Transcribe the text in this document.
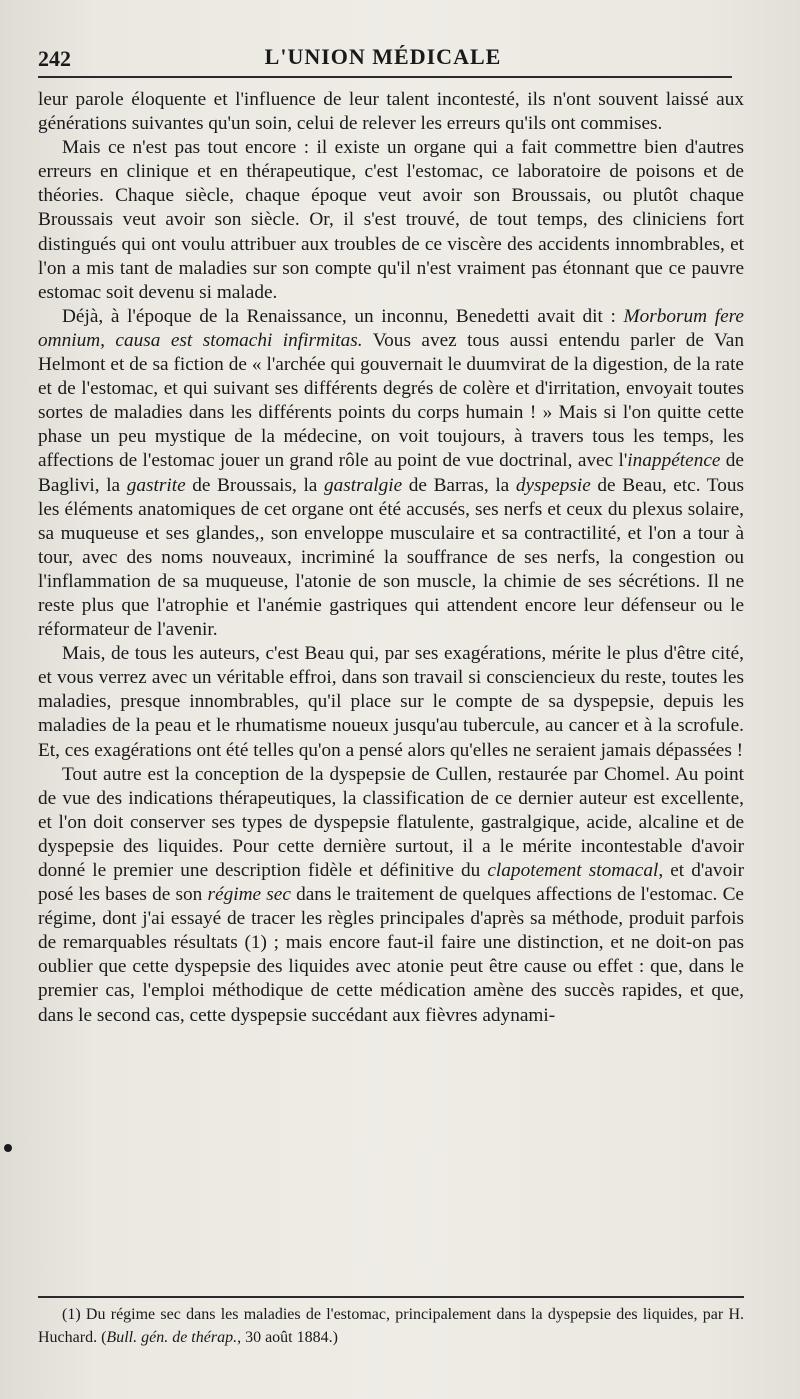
242	L'UNION MÉDICALE

leur parole éloquente et l'influence de leur talent incontesté, ils n'ont souvent laissé aux générations suivantes qu'un soin, celui de relever les erreurs qu'ils ont commises.

Mais ce n'est pas tout encore : il existe un organe qui a fait commettre bien d'autres erreurs en clinique et en thérapeutique, c'est l'estomac, ce laboratoire de poisons et de théories. Chaque siècle, chaque époque veut avoir son Broussais, ou plutôt chaque Broussais veut avoir son siècle. Or, il s'est trouvé, de tout temps, des cliniciens fort distingués qui ont voulu attribuer aux troubles de ce viscère des accidents innombrables, et l'on a mis tant de maladies sur son compte qu'il n'est vraiment pas étonnant que ce pauvre estomac soit devenu si malade.

Déjà, à l'époque de la Renaissance, un inconnu, Benedetti avait dit : Morborum fere omnium, causa est stomachi infirmitas. Vous avez tous aussi entendu parler de Van Helmont et de sa fiction de « l'archée qui gouvernait le duumvirat de la digestion, de la rate et de l'estomac, et qui suivant ses différents degrés de colère et d'irritation, envoyait toutes sortes de maladies dans les différents points du corps humain ! » Mais si l'on quitte cette phase un peu mystique de la médecine, on voit toujours, à travers tous les temps, les affections de l'estomac jouer un grand rôle au point de vue doctrinal, avec l'inappétence de Baglivi, la gastrite de Broussais, la gastralgie de Barras, la dyspepsie de Beau, etc. Tous les éléments anatomiques de cet organe ont été accusés, ses nerfs et ceux du plexus solaire, sa muqueuse et ses glandes,, son enveloppe musculaire et sa contractilité, et l'on a tour à tour, avec des noms nouveaux, incriminé la souffrance de ses nerfs, la congestion ou l'inflammation de sa muqueuse, l'atonie de son muscle, la chimie de ses sécrétions. Il ne reste plus que l'atrophie et l'anémie gastriques qui attendent encore leur défenseur ou le réformateur de l'avenir.

Mais, de tous les auteurs, c'est Beau qui, par ses exagérations, mérite le plus d'être cité, et vous verrez avec un véritable effroi, dans son travail si consciencieux du reste, toutes les maladies, presque innombrables, qu'il place sur le compte de sa dyspepsie, depuis les maladies de la peau et le rhumatisme noueux jusqu'au tubercule, au cancer et à la scrofule. Et, ces exagérations ont été telles qu'on a pensé alors qu'elles ne seraient jamais dépassées !

Tout autre est la conception de la dyspepsie de Cullen, restaurée par Chomel. Au point de vue des indications thérapeutiques, la classification de ce dernier auteur est excellente, et l'on doit conserver ses types de dyspepsie flatulente, gastralgique, acide, alcaline et de dyspepsie des liquides. Pour cette dernière surtout, il a le mérite incontestable d'avoir donné le premier une description fidèle et définitive du clapotement stomacal, et d'avoir posé les bases de son régime sec dans le traitement de quelques affections de l'estomac. Ce régime, dont j'ai essayé de tracer les règles principales d'après sa méthode, produit parfois de remarquables résultats (1) ; mais encore faut-il faire une distinction, et ne doit-on pas oublier que cette dyspepsie des liquides avec atonie peut être cause ou effet : que, dans le premier cas, l'emploi méthodique de cette médication amène des succès rapides, et que, dans le second cas, cette dyspepsie succédant aux fièvres adynami-

(1) Du régime sec dans les maladies de l'estomac, principalement dans la dyspepsie des liquides, par H. Huchard. (Bull. gén. de thérap., 30 août 1884.)
